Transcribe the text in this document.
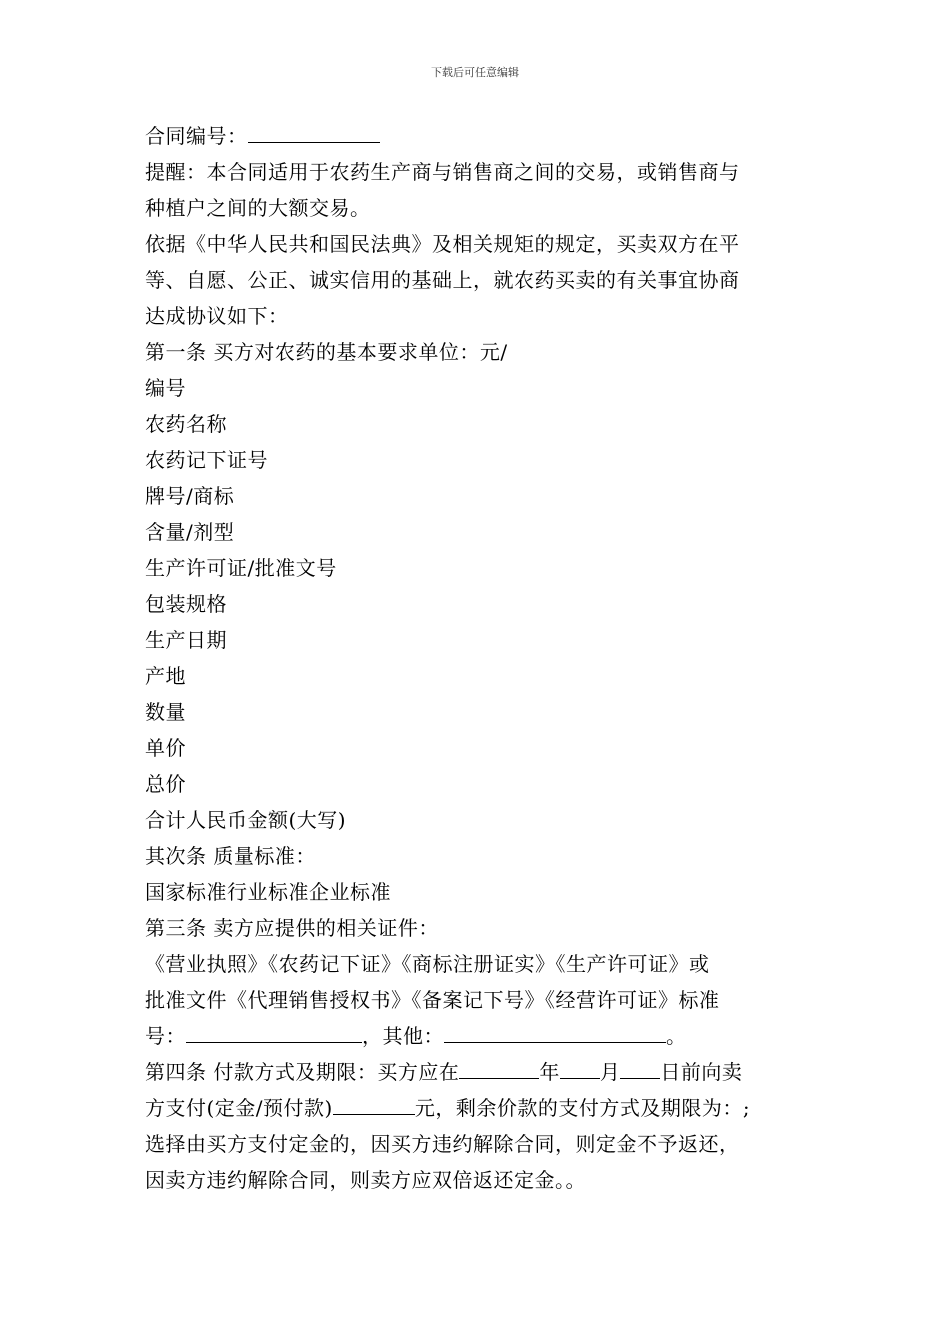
下载后可任意编辑
合同编号：
提醒：本合同适用于农药生产商与销售商之间的交易，或销售商与
种植户之间的大额交易。
依据《中华人民共和国民法典》及相关规矩的规定，买卖双方在平
等、自愿、公正、诚实信用的基础上，就农药买卖的有关事宜协商
达成协议如下：
第一条 买方对农药的基本要求单位：元/
编号
农药名称
农药记下证号
牌号/商标
含量/剂型
生产许可证/批准文号
包装规格
生产日期
产地
数量
单价
总价
合计人民币金额(大写)
其次条 质量标准：
国家标准行业标准企业标准
第三条 卖方应提供的相关证件：
《营业执照》《农药记下证》《商标注册证实》《生产许可证》或
批准文件《代理销售授权书》《备案记下号》《经营许可证》标准
号：	，其他：	。
第四条 付款方式及期限：买方应在	年 月 日前向卖
方支付(定金/预付款)	元，剩余价款的支付方式及期限为：;
选择由买方支付定金的，因买方违约解除合同，则定金不予返还，
因卖方违约解除合同，则卖方应双倍返还定金。。
